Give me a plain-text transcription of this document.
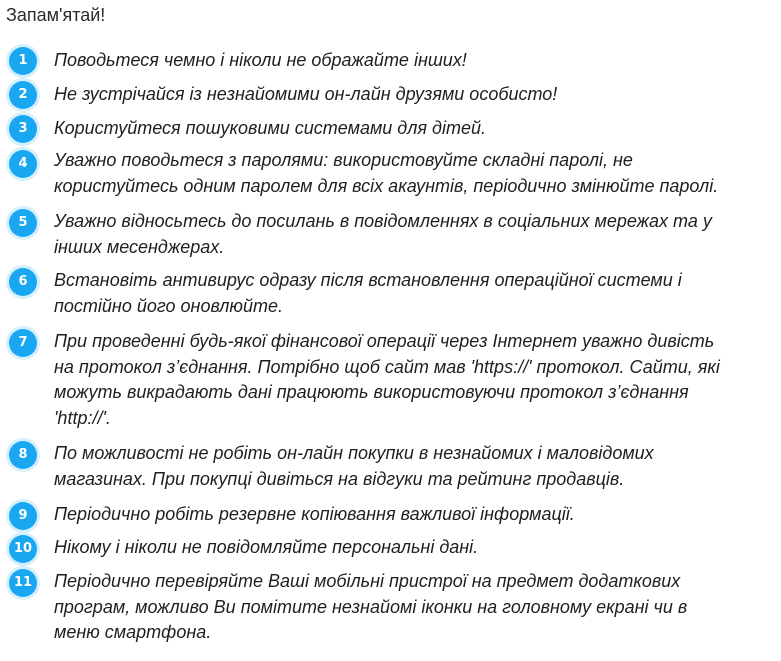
Запам'ятай!
1	Поводьтеся чемно і ніколи не ображайте інших!
2	Не зустрічайся із незнайомими он-лайн друзями особисто!
3	Користуйтеся пошуковими системами для дітей.
4	Уважно поводьтеся з паролями: використовуйте складні паролі, не
користуйтесь одним паролем для всіх акаунтів, періодично змінюйте паролі.
5	Уважно відносьтесь до посилань в повідомленнях в соціальних мережах та у
інших месенджерах.
6	Встановіть антивирус одразу після встановлення операційної системи і
постійно його оновлюйте.
7	При проведенні будь-якої фінансової операції через Інтернет уважно дивість
на протокол з’єднання. Потрібно щоб сайт мав 'https://' протокол. Сайти, які
можуть викрадають дані працюють використовуючи протокол з’єднання
'http://'.
8	По можливості не робіть он-лайн покупки в незнайомих і маловідомих
магазинах. При покупці дивіться на відгуки та рейтинг продавців.
9	Періодично робіть резервне копіювання важливої інформації.
10 Нікому і ніколи не повідомляйте персональні дані.
11 Періодично перевіряйте Ваші мобільні пристрої на предмет додаткових
програм, можливо Ви помітите незнайомі іконки на головному екрані чи в
меню смартфона.
